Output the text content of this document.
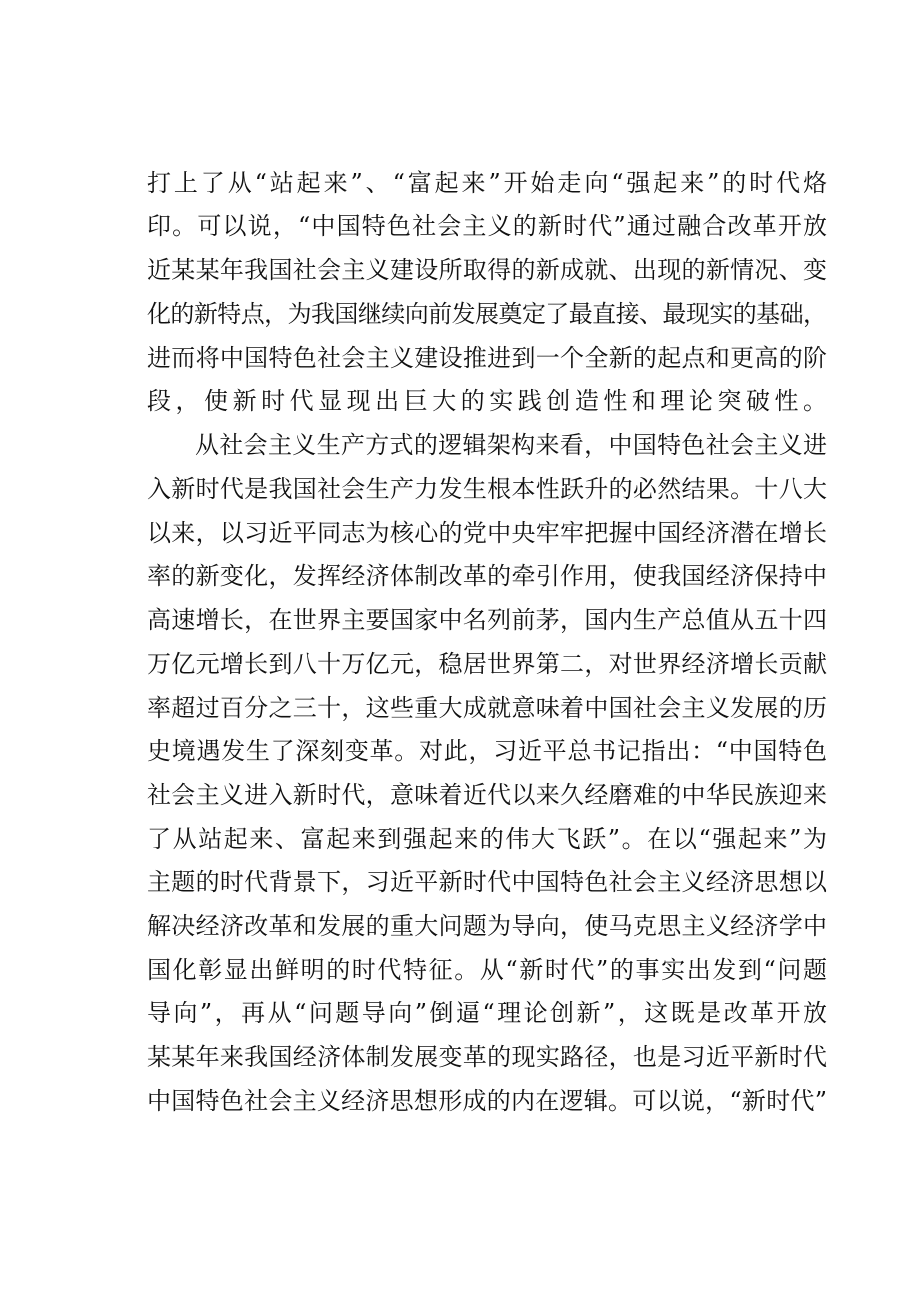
打上了从“站起来”、“富起来”开始走向“强起来”的时代烙
印。可以说，“中国特色社会主义的新时代”通过融合改革开放
近某某年我国社会主义建设所取得的新成就、出现的新情况、变
化的新特点，为我国继续向前发展奠定了最直接、最现实的基础，
进而将中国特色社会主义建设推进到一个全新的起点和更高的阶
段，使新时代显现出巨大的实践创造性和理论突破性。
从社会主义生产方式的逻辑架构来看，中国特色社会主义进
入新时代是我国社会生产力发生根本性跃升的必然结果。十八大
以来，以习近平同志为核心的党中央牢牢把握中国经济潜在增长
率的新变化，发挥经济体制改革的牵引作用，使我国经济保持中
高速增长，在世界主要国家中名列前茅，国内生产总值从五十四
万亿元增长到八十万亿元，稳居世界第二，对世界经济增长贡献
率超过百分之三十，这些重大成就意味着中国社会主义发展的历
史境遇发生了深刻变革。对此，习近平总书记指出：“中国特色
社会主义进入新时代，意味着近代以来久经磨难的中华民族迎来
了从站起来、富起来到强起来的伟大飞跃”。在以“强起来”为
主题的时代背景下，习近平新时代中国特色社会主义经济思想以
解决经济改革和发展的重大问题为导向，使马克思主义经济学中
国化彰显出鲜明的时代特征。从“新时代”的事实出发到“问题
导向”，再从“问题导向”倒逼“理论创新”，这既是改革开放
某某年来我国经济体制发展变革的现实路径，也是习近平新时代
中国特色社会主义经济思想形成的内在逻辑。可以说，“新时代”
